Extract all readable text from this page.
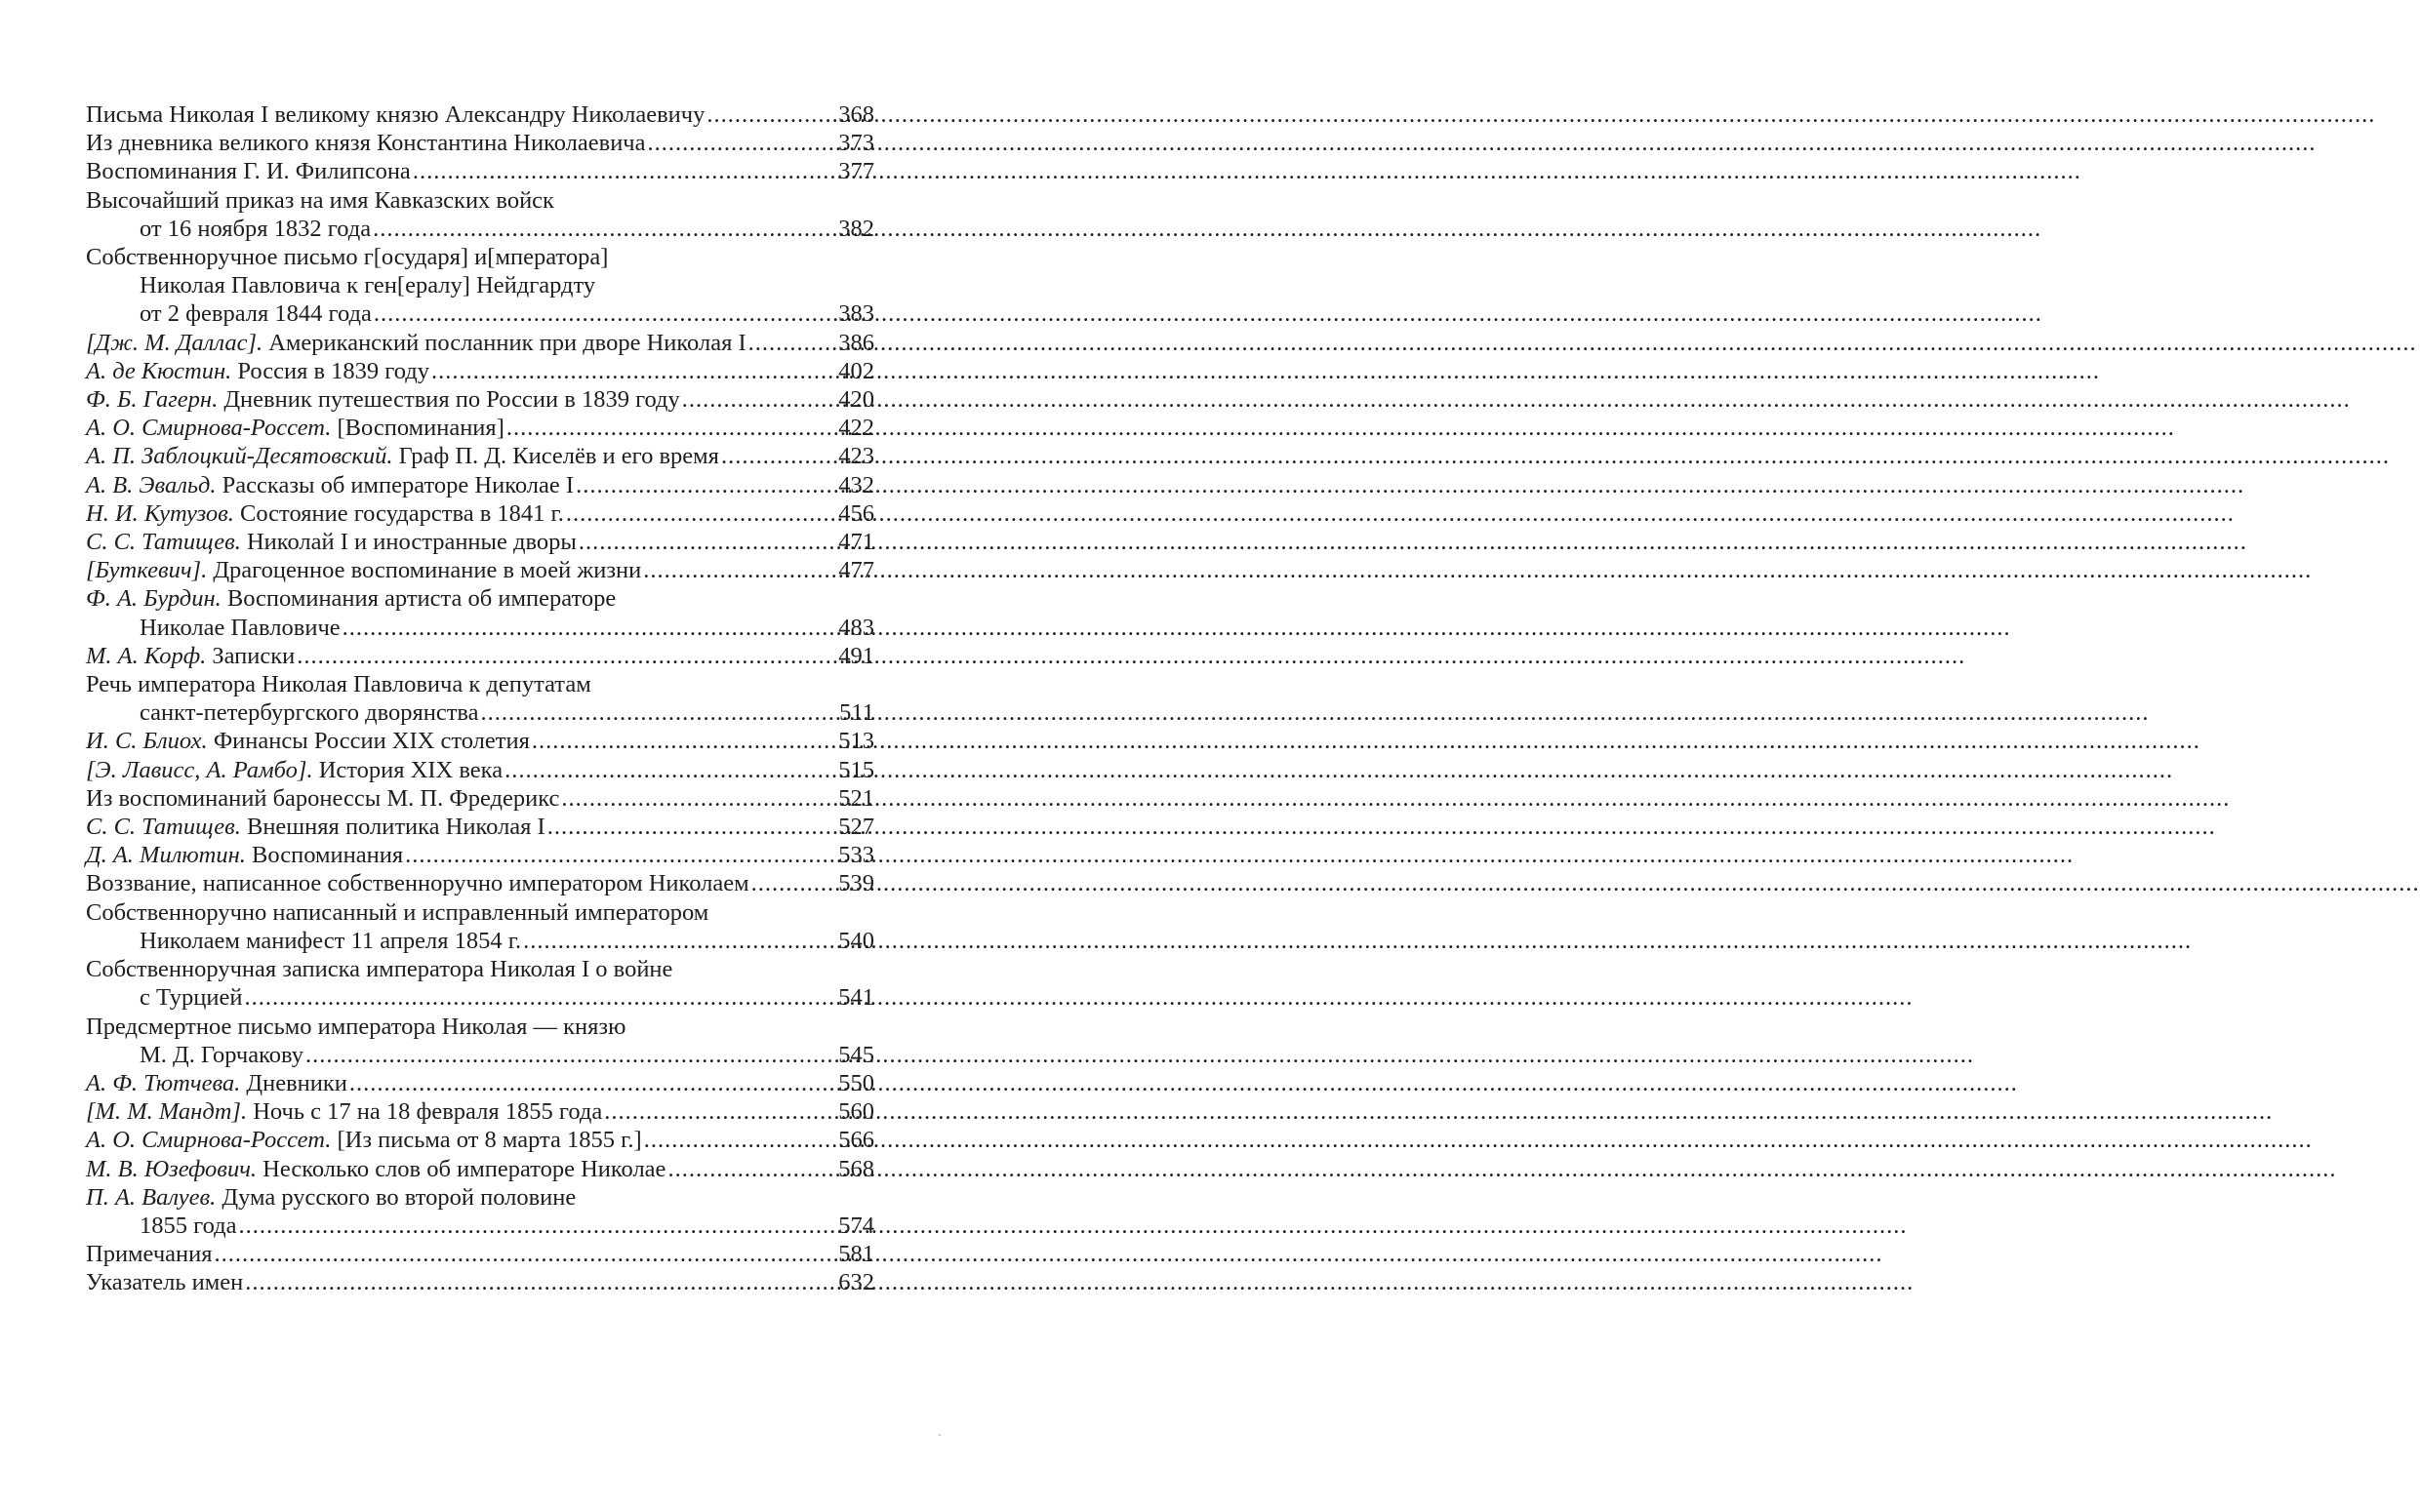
Письма Николая I великому князю Александру Николаевичу .....	368
Из дневника великого князя Константина Николаевича .....	373
Воспоминания Г. И. Филипсона .....	377
Высочайший приказ на имя Кавказских войск
от 16 ноября 1832 года .....	382
Собственноручное письмо г[осударя] и[мператора]
Николая Павловича к ген[ералу] Нейдгардту
от 2 февраля 1844 года .....	383
[Дж. М. Даллас]. Американский посланник при дворе Николая I .....	386
А. де Кюстин. Россия в 1839 году .....	402
Ф. Б. Гагерн. Дневник путешествия по России в 1839 году .....	420
А. О. Смирнова-Россет. [Воспоминания] .....	422
А. П. Заблоцкий-Десятовский. Граф П. Д. Киселёв и его время .....	423
А. В. Эвальд. Рассказы об императоре Николае I .....	432
Н. И. Кутузов. Состояние государства в 1841 г. .....	456
С. С. Татищев. Николай I и иностранные дворы .....	471
[Буткевич]. Драгоценное воспоминание в моей жизни .....	477
Ф. А. Бурдин. Воспоминания артиста об императоре
Николае Павловиче .....	483
М. А. Корф. Записки .....	491
Речь императора Николая Павловича к депутатам
санкт-петербургского дворянства .....	511
И. С. Блиох. Финансы России XIX столетия .....	513
[Э. Лависс, А. Рамбо]. История XIX века .....	515
Из воспоминаний баронессы М. П. Фредерикс .....	521
С. С. Татищев. Внешняя политика Николая I .....	527
Д. А. Милютин. Воспоминания .....	533
Воззвание, написанное собственноручно императором Николаем .....	539
Собственноручно написанный и исправленный императором
Николаем манифест 11 апреля 1854 г. .....	540
Собственноручная записка императора Николая I о войне
с Турцией .....	541
Предсмертное письмо императора Николая — князю
М. Д. Горчакову .....	545
А. Ф. Тютчева. Дневники .....	550
[М. М. Мандт]. Ночь с 17 на 18 февраля 1855 года .....	560
А. О. Смирнова-Россет. [Из письма от 8 марта 1855 г.] .....	566
М. В. Юзефович. Несколько слов об императоре Николае .....	568
П. А. Валуев. Дума русского во второй половине
1855 года .....	574
Примечания .....	581
Указатель имен .....	632
